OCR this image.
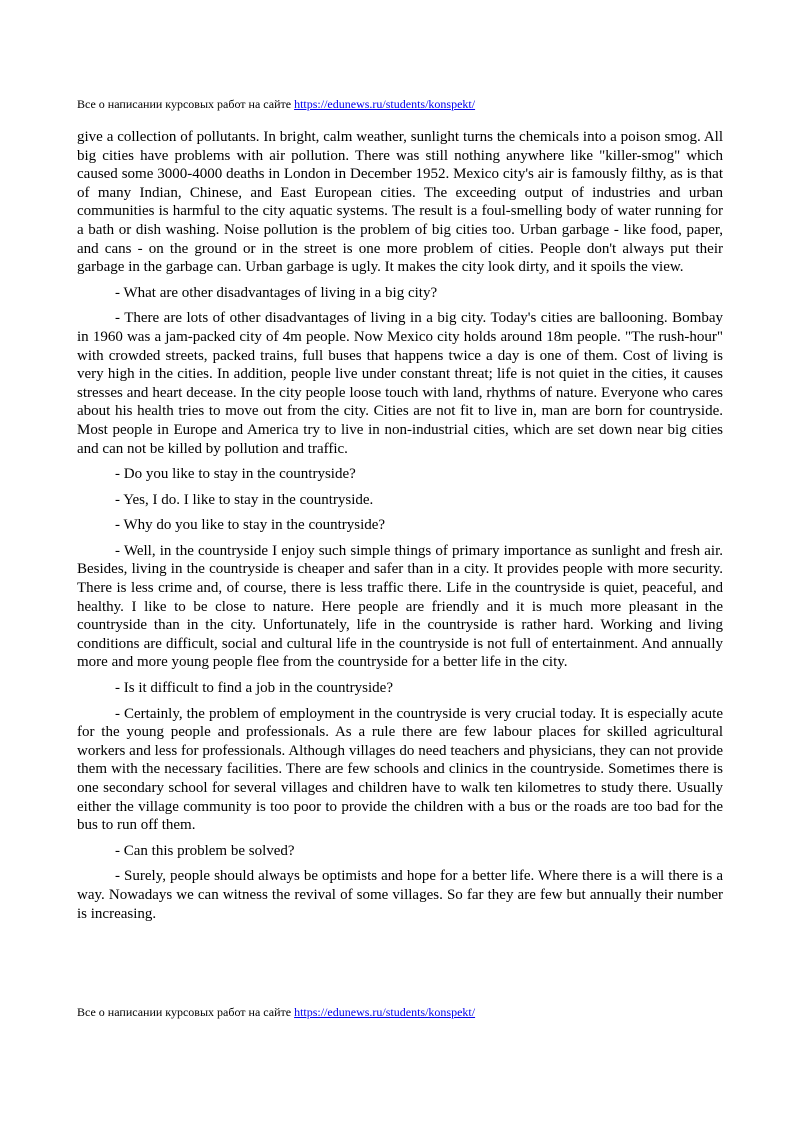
Все о написании курсовых работ на сайте https://edunews.ru/students/konspekt/

give a collection of pollutants. In bright, calm weather, sunlight turns the chemicals into a poison smog. All big cities have problems with air pollution. There was still nothing anywhere like "killer-smog" which caused some 3000-4000 deaths in London in December 1952. Mexico city's air is famously filthy, as is that of many Indian, Chinese, and East European cities. The exceeding output of industries and urban communities is harmful to the city aquatic systems. The result is a foul-smelling body of water running for a bath or dish washing. Noise pollution is the problem of big cities too. Urban garbage - like food, paper, and cans - on the ground or in the street is one more problem of cities. People don't always put their garbage in the garbage can. Urban garbage is ugly. It makes the city look dirty, and it spoils the view.

- What are other disadvantages of living in a big city?

- There are lots of other disadvantages of living in a big city. Today's cities are ballooning. Bombay in 1960 was a jam-packed city of 4m people. Now Mexico city holds around 18m people. "The rush-hour" with crowded streets, packed trains, full buses that happens twice a day is one of them. Cost of living is very high in the cities. In addition, people live under constant threat; life is not quiet in the cities, it causes stresses and heart decease. In the city people loose touch with land, rhythms of nature. Everyone who cares about his health tries to move out from the city. Cities are not fit to live in, man are born for countryside. Most people in Europe and America try to live in non-industrial cities, which are set down near big cities and can not be killed by pollution and traffic.

- Do you like to stay in the countryside?

- Yes, I do. I like to stay in the countryside.

- Why do you like to stay in the countryside?

- Well, in the countryside I enjoy such simple things of primary importance as sunlight and fresh air. Besides, living in the countryside is cheaper and safer than in a city. It provides people with more security. There is less crime and, of course, there is less traffic there. Life in the countryside is quiet, peaceful, and healthy. I like to be close to nature. Here people are friendly and it is much more pleasant in the countryside than in the city. Unfortunately, life in the countryside is rather hard. Working and living conditions are difficult, social and cultural life in the countryside is not full of entertainment. And annually more and more young people flee from the countryside for a better life in the city.

- Is it difficult to find a job in the countryside?

- Certainly, the problem of employment in the countryside is very crucial today. It is especially acute for the young people and professionals. As a rule there are few labour places for skilled agricultural workers and less for professionals. Although villages do need teachers and physicians, they can not provide them with the necessary facilities. There are few schools and clinics in the countryside. Sometimes there is one secondary school for several villages and children have to walk ten kilometres to study there. Usually either the village community is too poor to provide the children with a bus or the roads are too bad for the bus to run off them.

- Can this problem be solved?

- Surely, people should always be optimists and hope for a better life. Where there is a will there is a way. Nowadays we can witness the revival of some villages. So far they are few but annually their number is increasing.

Все о написании курсовых работ на сайте https://edunews.ru/students/konspekt/
